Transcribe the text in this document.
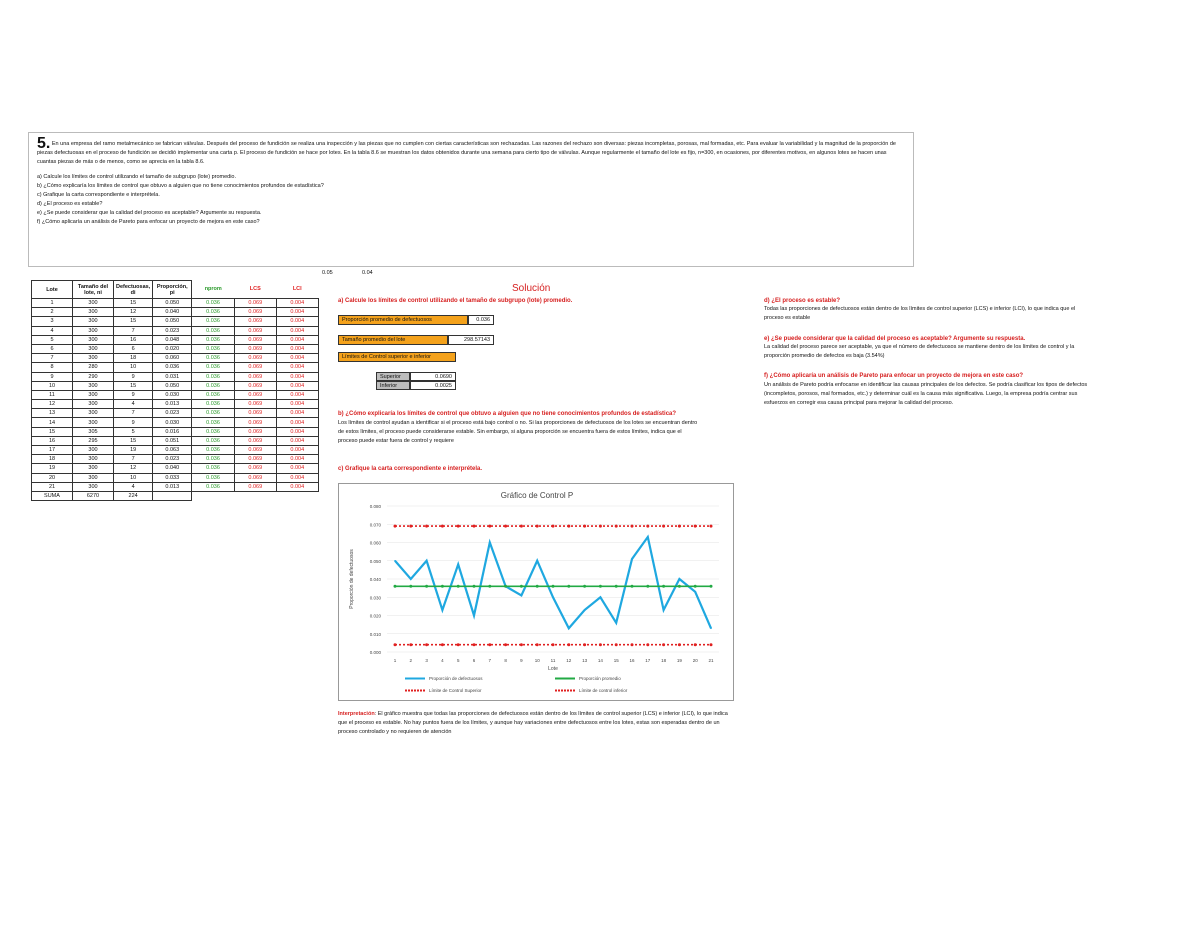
5. En una empresa del ramo metalmecánico se fabrican válvulas. Después del proceso de fundición se realiza una inspección y las piezas que no cumplen con ciertas características son rechazadas. Las razones del rechazo son diversas: piezas incompletas, porosas, mal formadas, etc. Para evaluar la variabilidad y la magnitud de la proporción de piezas defectuosas en el proceso de fundición se decidió implementar una carta p. El proceso de fundición se hace por lotes. En la tabla 8.6 se muestran los datos obtenidos durante una semana para cierto tipo de válvulas. Aunque regularmente el tamaño del lote es fijo, n=300, en ocasiones, por diferentes motivos, en algunos lotes se hacen unas cuantas piezas de más o de menos, como se aprecia en la tabla 8.6.

a) Calcule los límites de control utilizando el tamaño de subgrupo (lote) promedio.

b) ¿Cómo explicaría los límites de control que obtuvo a alguien que no tiene conocimientos profundos de estadística?

c) Grafique la carta correspondiente e interprétela.

d) ¿El proceso es estable?

e) ¿Se puede considerar que la calidad del proceso es aceptable? Argumente su respuesta.

f) ¿Cómo aplicaría un análisis de Pareto para enfocar un proyecto de mejora en este caso?

0.05	0.04
Lote	Tamaño del lote, ni	Defectuosas, di	Proporción, pi	nprom	LCS	LCI
1	300	15	0.050	0.036	0.069	0.004
2	300	12	0.040	0.036	0.069	0.004
3	300	15	0.050	0.036	0.069	0.004
4	300	7	0.023	0.036	0.069	0.004
5	300	16	0.048	0.036	0.069	0.004
6	300	6	0.020	0.036	0.069	0.004
7	300	18	0.060	0.036	0.069	0.004
8	280	10	0.036	0.036	0.069	0.004
9	290	9	0.031	0.036	0.069	0.004
10	300	15	0.050	0.036	0.069	0.004
11	300	9	0.030	0.036	0.069	0.004
12	300	4	0.013	0.036	0.069	0.004
13	300	7	0.023	0.036	0.069	0.004
14	300	9	0.030	0.036	0.069	0.004
15	305	5	0.016	0.036	0.069	0.004
16	295	15	0.051	0.036	0.069	0.004
17	300	19	0.063	0.036	0.069	0.004
18	300	7	0.023	0.036	0.069	0.004
19	300	12	0.040	0.036	0.069	0.004
20	300	10	0.033	0.036	0.069	0.004
21	300	4	0.013	0.036	0.069	0.004
SUMA	6270	224				
Solución
a) Calcule los límites de control utilizando el tamaño de subgrupo (lote) promedio.
Proporción promedio de defectuosos	0.036
Tamaño promedio del lote	298.57143
Límites de Control superior e inferior
Superior	0.0690
Inferior	0.0025
b) ¿Cómo explicaría los límites de control que obtuvo a alguien que no tiene conocimientos profundos de estadística?
Los límites de control ayudan a identificar si el proceso está bajo control o no. Si las proporciones de defectuosos de los lotes se encuentran dentro de estos límites, el proceso puede considerarse estable. Sin embargo, si alguna proporción se encuentra fuera de estos límites, indica que el proceso puede estar fuera de control y requiere
c) Grafique la carta correspondiente e interprétela.
Gráfico de Control P
0.000
0.010
0.020
0.030
0.040
0.050
0.060
0.070
0.080
1	2	3	4	5	6	7	8	9	10 11 12 13 14 15 16 17 18 19 20 21
Lote
Proporción de defectuosos
Proporción de defectuosos	Proporción promedio
Límite de Control Superior	Límite de control inferior
Interpretación: El gráfico muestra que todas las proporciones de defectuosos están dentro de los límites de control superior (LCS) e inferior (LCI), lo que indica que el proceso es estable. No hay puntos fuera de los límites, y aunque hay variaciones entre defectuosos entre los lotes, estas son esperadas dentro de un proceso controlado y no requieren de atención
d) ¿El proceso es estable?
Todas las proporciones de defectuosos están dentro de los límites de control superior (LCS) e inferior (LCI), lo que indica que el proceso es estable
e) ¿Se puede considerar que la calidad del proceso es aceptable? Argumente su respuesta.
La calidad del proceso parece ser aceptable, ya que el número de defectuosos se mantiene dentro de los límites de control y la proporción promedio de defectos es baja (3.54%)
f) ¿Cómo aplicaría un análisis de Pareto para enfocar un proyecto de mejora en este caso?
Un análisis de Pareto podría enfocarse en identificar las causas principales de los defectos. Se podría clasificar los tipos de defectos (incompletos, porosos, mal formados, etc.) y determinar cuál es la causa más significativa. Luego, la empresa podría centrar sus esfuerzos en corregir esa causa principal para mejorar la calidad del proceso.
